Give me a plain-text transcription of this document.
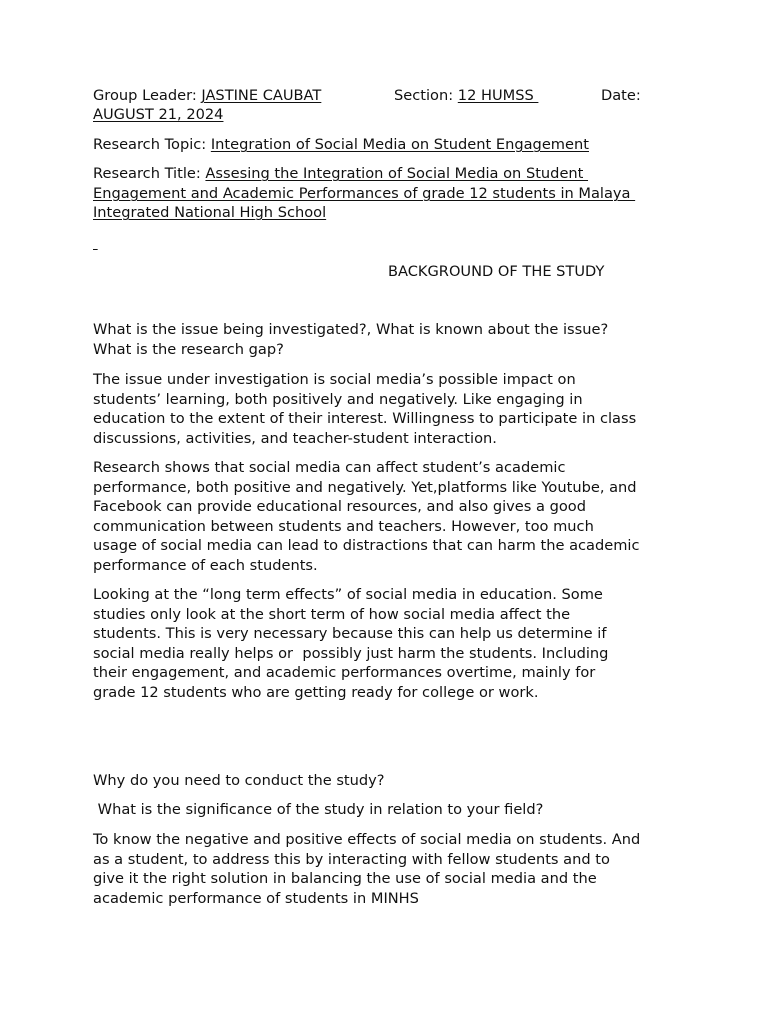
Group Leader: JASTINE CAUBAT	Section: 12 HUMSS	Date:
AUGUST 21, 2024
Research Topic: Integration of Social Media on Student Engagement
Research Title: Assesing the Integration of Social Media on Student
Engagement and Academic Performances of grade 12 students in Malaya
Integrated National High School

BACKGROUND OF THE STUDY
What is the issue being investigated?, What is known about the issue?
What is the research gap?
The issue under investigation is social media’s possible impact on
students’ learning, both positively and negatively. Like engaging in
education to the extent of their interest. Willingness to participate in class
discussions, activities, and teacher-student interaction.
Research shows that social media can affect student’s academic
performance, both positive and negatively. Yet,platforms like Youtube, and
Facebook can provide educational resources, and also gives a good
communication between students and teachers. However, too much
usage of social media can lead to distractions that can harm the academic
performance of each students.
Looking at the “long term effects” of social media in education. Some
studies only look at the short term of how social media affect the
students. This is very necessary because this can help us determine if
social media really helps or  possibly just harm the students. Including
their engagement, and academic performances overtime, mainly for
grade 12 students who are getting ready for college or work.
Why do you need to conduct the study?
What is the significance of the study in relation to your field?
To know the negative and positive effects of social media on students. And
as a student, to address this by interacting with fellow students and to
give it the right solution in balancing the use of social media and the
academic performance of students in MINHS
